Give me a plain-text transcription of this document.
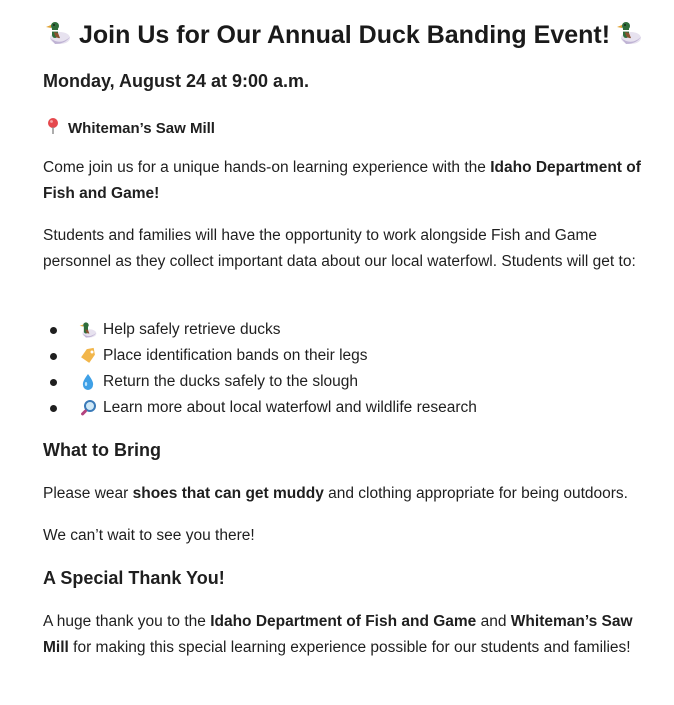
Join Us for Our Annual Duck Banding Event!
Monday, August 24 at 9:00 a.m.
Whiteman’s Saw Mill

Come join us for a unique hands-on learning experience with the Idaho Department of Fish and Game!

Students and families will have the opportunity to work alongside Fish and Game personnel as they collect important data about our local waterfowl. Students will get to:

Help safely retrieve ducks
Place identification bands on their legs
Return the ducks safely to the slough
Learn more about local waterfowl and wildlife research
What to Bring

Please wear shoes that can get muddy and clothing appropriate for being outdoors.

We can’t wait to see you there!

A Special Thank You!

A huge thank you to the Idaho Department of Fish and Game and Whiteman’s Saw Mill for making this special learning experience possible for our students and families!
